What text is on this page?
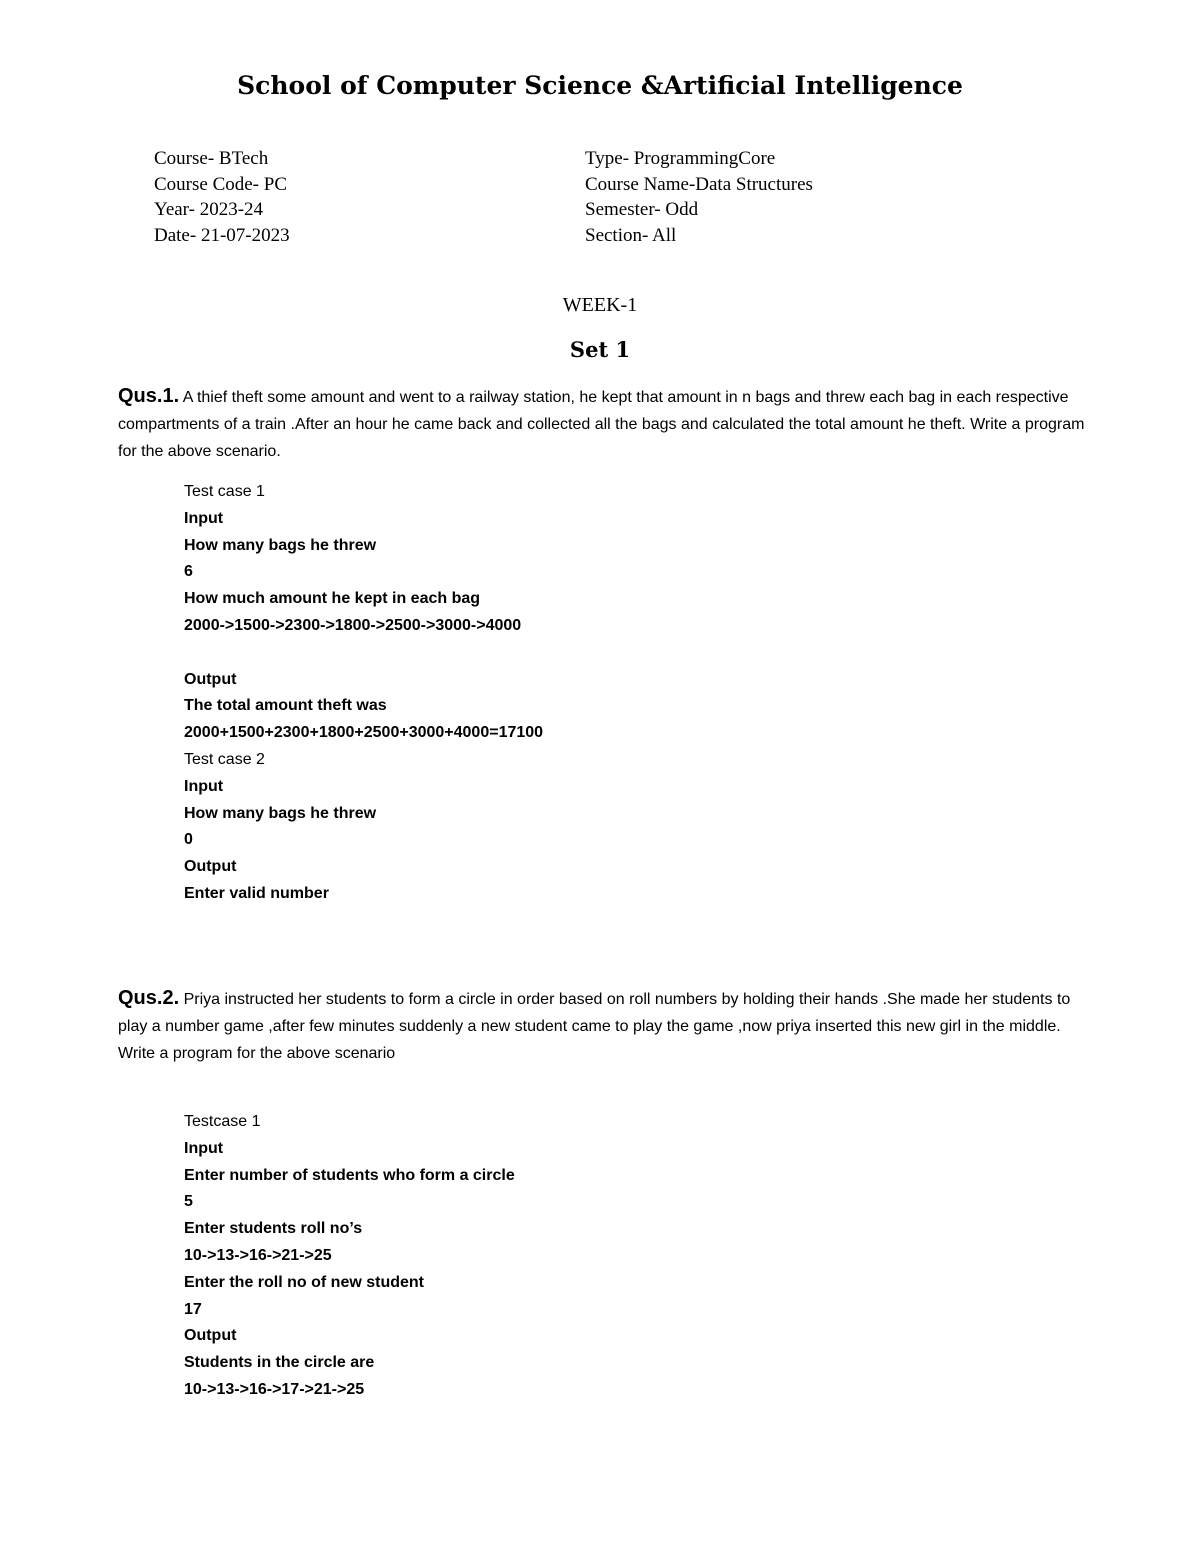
School of Computer Science &Artificial Intelligence
Course- BTech
Course Code- PC
Year- 2023-24
Date- 21-07-2023
Type- ProgrammingCore
Course Name-Data Structures
Semester- Odd
Section- All
WEEK-1
Set 1

Qus.1. A thief theft some amount and went to a railway station, he kept that amount in n bags and threw each bag in each respective compartments of a train .After an hour he came back and collected all the bags and calculated the total amount he theft. Write a program for the above scenario.

Test case 1
Input
How many bags he threw
6
How much amount he kept in each bag
2000->1500->2300->1800->2500->3000->4000
Output
The total amount theft was
2000+1500+2300+1800+2500+3000+4000=17100
Test case 2
Input
How many bags he threw
0
Output
Enter valid number

Qus.2. Priya instructed her students to form a circle in order based on roll numbers by holding their hands .She made her students to play a number game ,after few minutes suddenly a new student came to play the game ,now priya inserted this new girl in the middle. Write a program for the above scenario

Testcase 1
Input
Enter number of students who form a circle
5
Enter students roll no’s
10->13->16->21->25
Enter the roll no of new student
17
Output
Students in the circle are
10->13->16->17->21->25
